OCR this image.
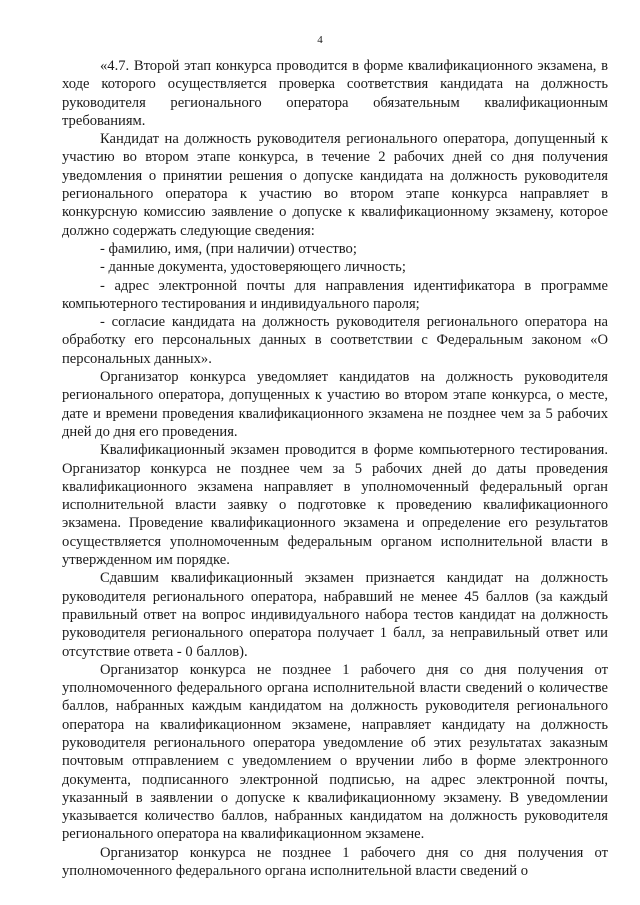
4

«4.7. Второй этап конкурса проводится в форме квалификационного экзамена, в ходе которого осуществляется проверка соответствия кандидата на должность руководителя регионального оператора обязательным квалификационным требованиям.

Кандидат на должность руководителя регионального оператора, допущенный к участию во втором этапе конкурса, в течение 2 рабочих дней со дня получения уведомления о принятии решения о допуске кандидата на должность руководителя регионального оператора к участию во втором этапе конкурса направляет в конкурсную комиссию заявление о допуске к квалификационному экзамену, которое должно содержать следующие сведения:

- фамилию, имя, (при наличии) отчество;

- данные документа, удостоверяющего личность;

- адрес электронной почты для направления идентификатора в программе компьютерного тестирования и индивидуального пароля;

- согласие кандидата на должность руководителя регионального оператора на обработку его персональных данных в соответствии с Федеральным законом «О персональных данных».

Организатор конкурса уведомляет кандидатов на должность руководителя регионального оператора, допущенных к участию во втором этапе конкурса, о месте, дате и времени проведения квалификационного экзамена не позднее чем за 5 рабочих дней до дня его проведения.

Квалификационный экзамен проводится в форме компьютерного тестирования. Организатор конкурса не позднее чем за 5 рабочих дней до даты проведения квалификационного экзамена направляет в уполномоченный федеральный орган исполнительной власти заявку о подготовке к проведению квалификационного экзамена. Проведение квалификационного экзамена и определение его результатов осуществляется уполномоченным федеральным органом исполнительной власти в утвержденном им порядке.

Сдавшим квалификационный экзамен признается кандидат на должность руководителя регионального оператора, набравший не менее 45 баллов (за каждый правильный ответ на вопрос индивидуального набора тестов кандидат на должность руководителя регионального оператора получает 1 балл, за неправильный ответ или отсутствие ответа - 0 баллов).

Организатор конкурса не позднее 1 рабочего дня со дня получения от уполномоченного федерального органа исполнительной власти сведений о количестве баллов, набранных каждым кандидатом на должность руководителя регионального оператора на квалификационном экзамене, направляет кандидату на должность руководителя регионального оператора уведомление об этих результатах заказным почтовым отправлением с уведомлением о вручении либо в форме электронного документа, подписанного электронной подписью, на адрес электронной почты, указанный в заявлении о допуске к квалификационному экзамену. В уведомлении указывается количество баллов, набранных кандидатом на должность руководителя регионального оператора на квалификационном экзамене.

Организатор конкурса не позднее 1 рабочего дня со дня получения от уполномоченного федерального органа исполнительной власти сведений о
